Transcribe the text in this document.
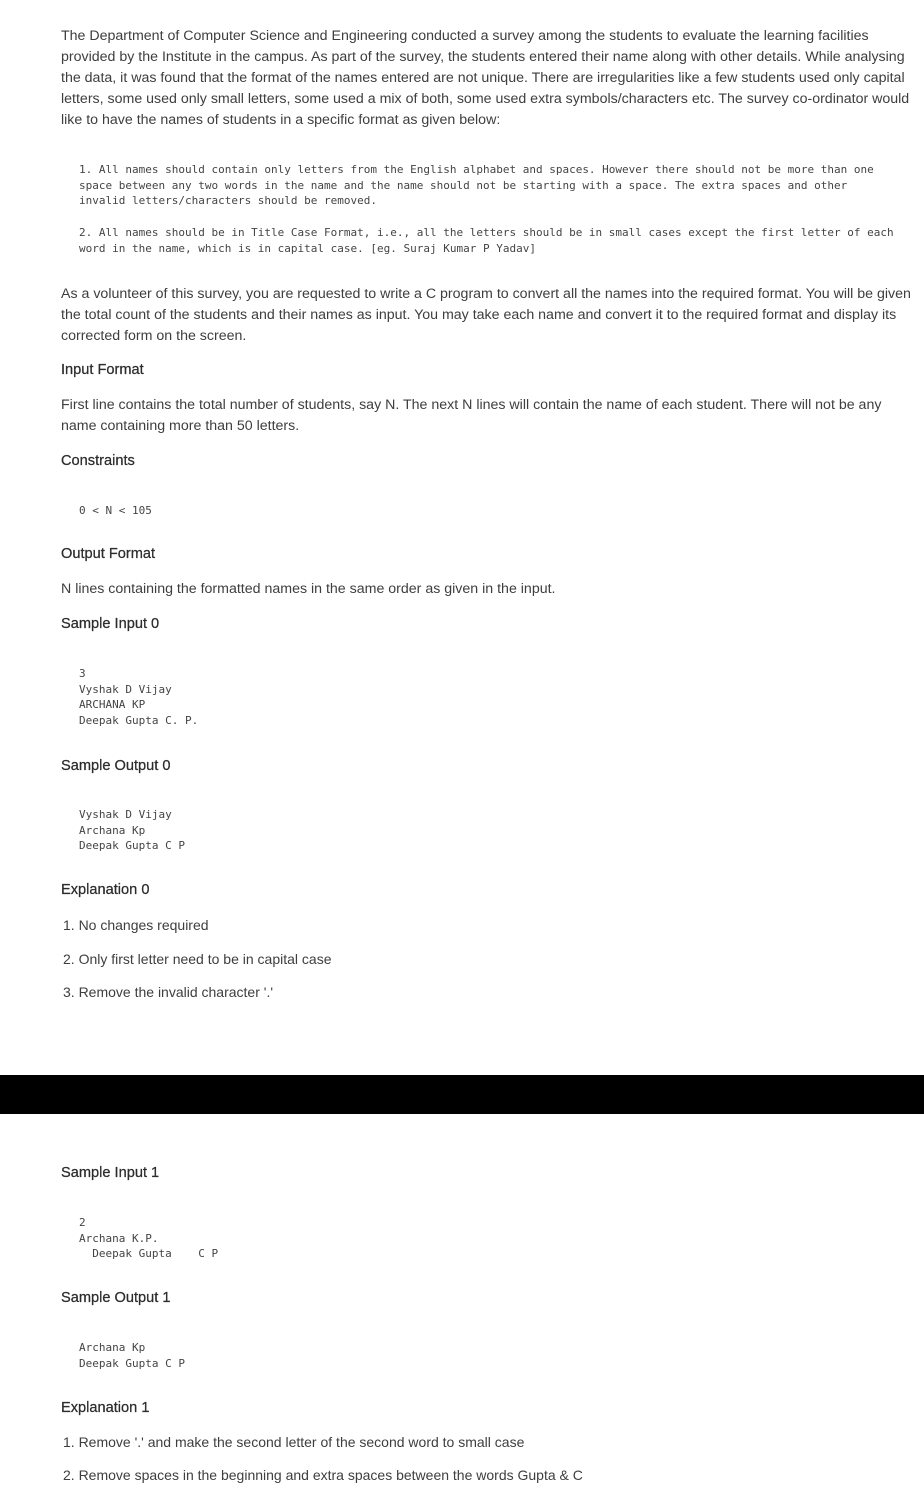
The Department of Computer Science and Engineering conducted a survey among the students to evaluate the learning facilities provided by the Institute in the campus. As part of the survey, the students entered their name along with other details. While analysing the data, it was found that the format of the names entered are not unique. There are irregularities like a few students used only capital letters, some used only small letters, some used a mix of both, some used extra symbols/characters etc. The survey co-ordinator would like to have the names of students in a specific format as given below:

1. All names should contain only letters from the English alphabet and spaces. However there should not be more than one space between any two words in the name and the name should not be starting with a space. The extra spaces and other invalid letters/characters should be removed.
2. All names should be in Title Case Format, i.e., all the letters should be in small cases except the first letter of each word in the name, which is in capital case. [eg. Suraj Kumar P Yadav]

As a volunteer of this survey, you are requested to write a C program to convert all the names into the required format. You will be given the total count of the students and their names as input. You may take each name and convert it to the required format and display its corrected form on the screen.

Input Format

First line contains the total number of students, say N. The next N lines will contain the name of each student. There will not be any name containing more than 50 letters.

Constraints
0 < N < 105
Output Format

N lines containing the formatted names in the same order as given in the input.

Sample Input 0
3
Vyshak D Vijay
ARCHANA KP
Deepak Gupta C. P.
Sample Output 0
Vyshak D Vijay
Archana Kp
Deepak Gupta C P
Explanation 0

1. No changes required

2. Only first letter need to be in capital case

3. Remove the invalid character '.'

Sample Input 1
2
Archana K.P.
Deepak Gupta    C P
Sample Output 1
Archana Kp
Deepak Gupta C P
Explanation 1

1. Remove '.' and make the second letter of the second word to small case

2. Remove spaces in the beginning and extra spaces between the words Gupta & C
